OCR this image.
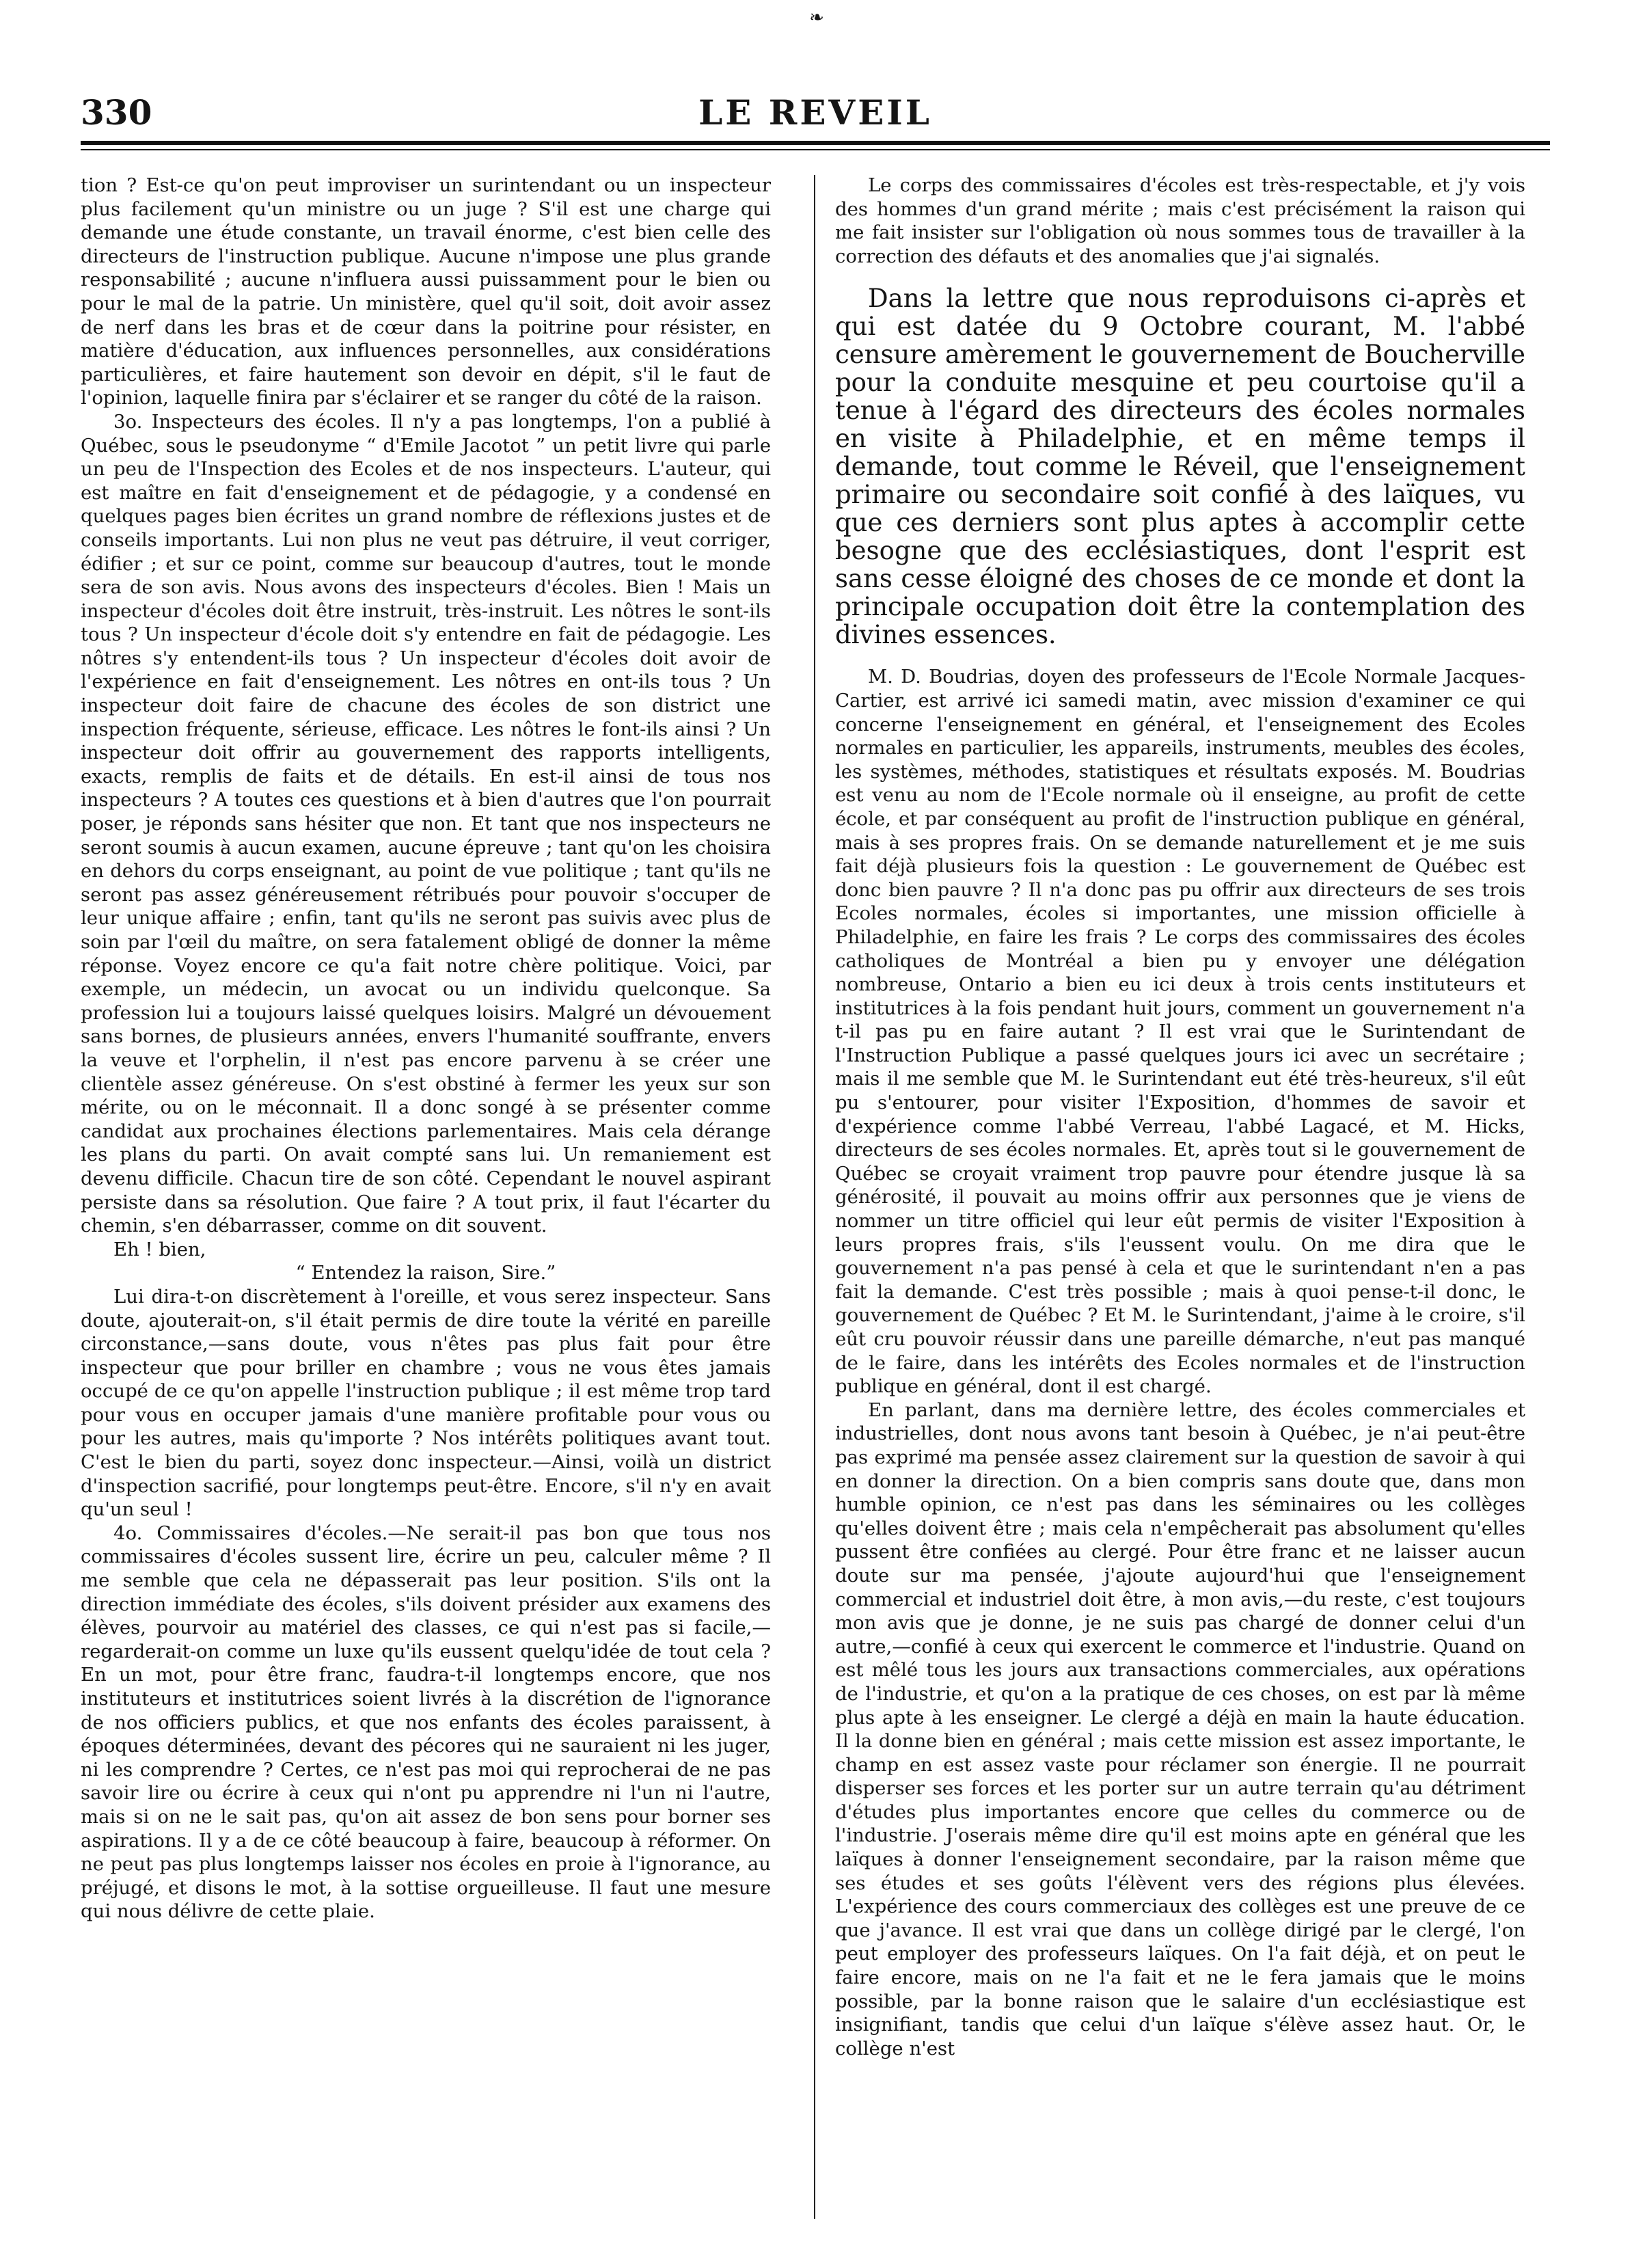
❧
LE REVEIL
330

tion ? Est-ce qu'on peut improviser un surintendant ou un inspecteur plus facilement qu'un ministre ou un juge ? S'il est une charge qui demande une étude constante, un travail énorme, c'est bien celle des directeurs de l'instruction publique. Aucune n'impose une plus grande responsabilité ; aucune n'influera aussi puissamment pour le bien ou pour le mal de la patrie. Un ministère, quel qu'il soit, doit avoir assez de nerf dans les bras et de cœur dans la poitrine pour résister, en matière d'éducation, aux influences personnelles, aux considérations particulières, et faire hautement son devoir en dépit, s'il le faut de l'opinion, laquelle finira par s'éclairer et se ranger du côté de la raison.

3o. Inspecteurs des écoles. Il n'y a pas longtemps, l'on a publié à Québec, sous le pseudonyme “ d'Emile Jacotot ” un petit livre qui parle un peu de l'Inspection des Ecoles et de nos inspecteurs. L'auteur, qui est maître en fait d'enseignement et de pédagogie, y a condensé en quelques pages bien écrites un grand nombre de réflexions justes et de conseils importants. Lui non plus ne veut pas détruire, il veut corriger, édifier ; et sur ce point, comme sur beaucoup d'autres, tout le monde sera de son avis. Nous avons des inspecteurs d'écoles. Bien ! Mais un inspecteur d'écoles doit être instruit, très-instruit. Les nôtres le sont-ils tous ? Un inspecteur d'école doit s'y entendre en fait de pédagogie. Les nôtres s'y entendent-ils tous ? Un inspecteur d'écoles doit avoir de l'expérience en fait d'enseignement. Les nôtres en ont-ils tous ? Un inspecteur doit faire de chacune des écoles de son district une inspection fréquente, sérieuse, efficace. Les nôtres le font-ils ainsi ? Un inspecteur doit offrir au gouvernement des rapports intelligents, exacts, remplis de faits et de détails. En est-il ainsi de tous nos inspecteurs ? A toutes ces questions et à bien d'autres que l'on pourrait poser, je réponds sans hésiter que non. Et tant que nos inspecteurs ne seront soumis à aucun examen, aucune épreuve ; tant qu'on les choisira en dehors du corps enseignant, au point de vue politique ; tant qu'ils ne seront pas assez généreusement rétribués pour pouvoir s'occuper de leur unique affaire ; enfin, tant qu'ils ne seront pas suivis avec plus de soin par l'œil du maître, on sera fatalement obligé de donner la même réponse. Voyez encore ce qu'a fait notre chère politique. Voici, par exemple, un médecin, un avocat ou un individu quelconque. Sa profession lui a toujours laissé quelques loisirs. Malgré un dévouement sans bornes, de plusieurs années, envers l'humanité souffrante, envers la veuve et l'orphelin, il n'est pas encore parvenu à se créer une clientèle assez généreuse. On s'est obstiné à fermer les yeux sur son mérite, ou on le méconnait. Il a donc songé à se présenter comme candidat aux prochaines élections parlementaires. Mais cela dérange les plans du parti. On avait compté sans lui. Un remaniement est devenu difficile. Chacun tire de son côté. Cependant le nouvel aspirant persiste dans sa résolution. Que faire ? A tout prix, il faut l'écarter du chemin, s'en débarrasser, comme on dit souvent.

Eh ! bien,

“ Entendez la raison, Sire.”

Lui dira-t-on discrètement à l'oreille, et vous serez inspecteur. Sans doute, ajouterait-on, s'il était permis de dire toute la vérité en pareille circonstance,—sans doute, vous n'êtes pas plus fait pour être inspecteur que pour briller en chambre ; vous ne vous êtes jamais occupé de ce qu'on appelle l'instruction publique ; il est même trop tard pour vous en occuper jamais d'une manière profitable pour vous ou pour les autres, mais qu'importe ? Nos intérêts politiques avant tout. C'est le bien du parti, soyez donc inspecteur.—Ainsi, voilà un district d'inspection sacrifié, pour longtemps peut-être. Encore, s'il n'y en avait qu'un seul !

4o. Commissaires d'écoles.—Ne serait-il pas bon que tous nos commissaires d'écoles sussent lire, écrire un peu, calculer même ? Il me semble que cela ne dépasserait pas leur position. S'ils ont la direction immédiate des écoles, s'ils doivent présider aux examens des élèves, pourvoir au matériel des classes, ce qui n'est pas si facile,—regarderait-on comme un luxe qu'ils eussent quelqu'idée de tout cela ? En un mot, pour être franc, faudra-t-il longtemps encore, que nos instituteurs et institutrices soient livrés à la discrétion de l'ignorance de nos officiers publics, et que nos enfants des écoles paraissent, à époques déterminées, devant des pécores qui ne sauraient ni les juger, ni les comprendre ? Certes, ce n'est pas moi qui reprocherai de ne pas savoir lire ou écrire à ceux qui n'ont pu apprendre ni l'un ni l'autre, mais si on ne le sait pas, qu'on ait assez de bon sens pour borner ses aspirations. Il y a de ce côté beaucoup à faire, beaucoup à réformer. On ne peut pas plus longtemps laisser nos écoles en proie à l'ignorance, au préjugé, et disons le mot, à la sottise orgueilleuse. Il faut une mesure qui nous délivre de cette plaie.

Le corps des commissaires d'écoles est très-respectable, et j'y vois des hommes d'un grand mérite ; mais c'est précisément la raison qui me fait insister sur l'obligation où nous sommes tous de travailler à la correction des défauts et des anomalies que j'ai signalés.

Dans la lettre que nous reproduisons ci-après et qui est datée du 9 Octobre courant, M. l'abbé censure amèrement le gouvernement de Boucherville pour la conduite mesquine et peu courtoise qu'il a tenue à l'égard des directeurs des écoles normales en visite à Philadelphie, et en même temps il demande, tout comme le Réveil, que l'enseignement primaire ou secondaire soit confié à des laïques, vu que ces derniers sont plus aptes à accomplir cette besogne que des ecclésiastiques, dont l'esprit est sans cesse éloigné des choses de ce monde et dont la principale occupation doit être la contemplation des divines essences.

M. D. Boudrias, doyen des professeurs de l'Ecole Normale Jacques-Cartier, est arrivé ici samedi matin, avec mission d'examiner ce qui concerne l'enseignement en général, et l'enseignement des Ecoles normales en particulier, les appareils, instruments, meubles des écoles, les systèmes, méthodes, statistiques et résultats exposés. M. Boudrias est venu au nom de l'Ecole normale où il enseigne, au profit de cette école, et par conséquent au profit de l'instruction publique en général, mais à ses propres frais. On se demande naturellement et je me suis fait déjà plusieurs fois la question : Le gouvernement de Québec est donc bien pauvre ? Il n'a donc pas pu offrir aux directeurs de ses trois Ecoles normales, écoles si importantes, une mission officielle à Philadelphie, en faire les frais ? Le corps des commissaires des écoles catholiques de Montréal a bien pu y envoyer une délégation nombreuse, Ontario a bien eu ici deux à trois cents instituteurs et institutrices à la fois pendant huit jours, comment un gouvernement n'a t-il pas pu en faire autant ? Il est vrai que le Surintendant de l'Instruction Publique a passé quelques jours ici avec un secrétaire ; mais il me semble que M. le Surintendant eut été très-heureux, s'il eût pu s'entourer, pour visiter l'Exposition, d'hommes de savoir et d'expérience comme l'abbé Verreau, l'abbé Lagacé, et M. Hicks, directeurs de ses écoles normales. Et, après tout si le gouvernement de Québec se croyait vraiment trop pauvre pour étendre jusque là sa générosité, il pouvait au moins offrir aux personnes que je viens de nommer un titre officiel qui leur eût permis de visiter l'Exposition à leurs propres frais, s'ils l'eussent voulu. On me dira que le gouvernement n'a pas pensé à cela et que le surintendant n'en a pas fait la demande. C'est très possible ; mais à quoi pense-t-il donc, le gouvernement de Québec ? Et M. le Surintendant, j'aime à le croire, s'il eût cru pouvoir réussir dans une pareille démarche, n'eut pas manqué de le faire, dans les intérêts des Ecoles normales et de l'instruction publique en général, dont il est chargé.

En parlant, dans ma dernière lettre, des écoles commerciales et industrielles, dont nous avons tant besoin à Québec, je n'ai peut-être pas exprimé ma pensée assez clairement sur la question de savoir à qui en donner la direction. On a bien compris sans doute que, dans mon humble opinion, ce n'est pas dans les séminaires ou les collèges qu'elles doivent être ; mais cela n'empêcherait pas absolument qu'elles pussent être confiées au clergé. Pour être franc et ne laisser aucun doute sur ma pensée, j'ajoute aujourd'hui que l'enseignement commercial et industriel doit être, à mon avis,—du reste, c'est toujours mon avis que je donne, je ne suis pas chargé de donner celui d'un autre,—confié à ceux qui exercent le commerce et l'industrie. Quand on est mêlé tous les jours aux transactions commerciales, aux opérations de l'industrie, et qu'on a la pratique de ces choses, on est par là même plus apte à les enseigner. Le clergé a déjà en main la haute éducation. Il la donne bien en général ; mais cette mission est assez importante, le champ en est assez vaste pour réclamer son énergie. Il ne pourrait disperser ses forces et les porter sur un autre terrain qu'au détriment d'études plus importantes encore que celles du commerce ou de l'industrie. J'oserais même dire qu'il est moins apte en général que les laïques à donner l'enseignement secondaire, par la raison même que ses études et ses goûts l'élèvent vers des régions plus élevées. L'expérience des cours commerciaux des collèges est une preuve de ce que j'avance. Il est vrai que dans un collège dirigé par le clergé, l'on peut employer des professeurs laïques. On l'a fait déjà, et on peut le faire encore, mais on ne l'a fait et ne le fera jamais que le moins possible, par la bonne raison que le salaire d'un ecclésiastique est insignifiant, tandis que celui d'un laïque s'élève assez haut. Or, le collège n'est
